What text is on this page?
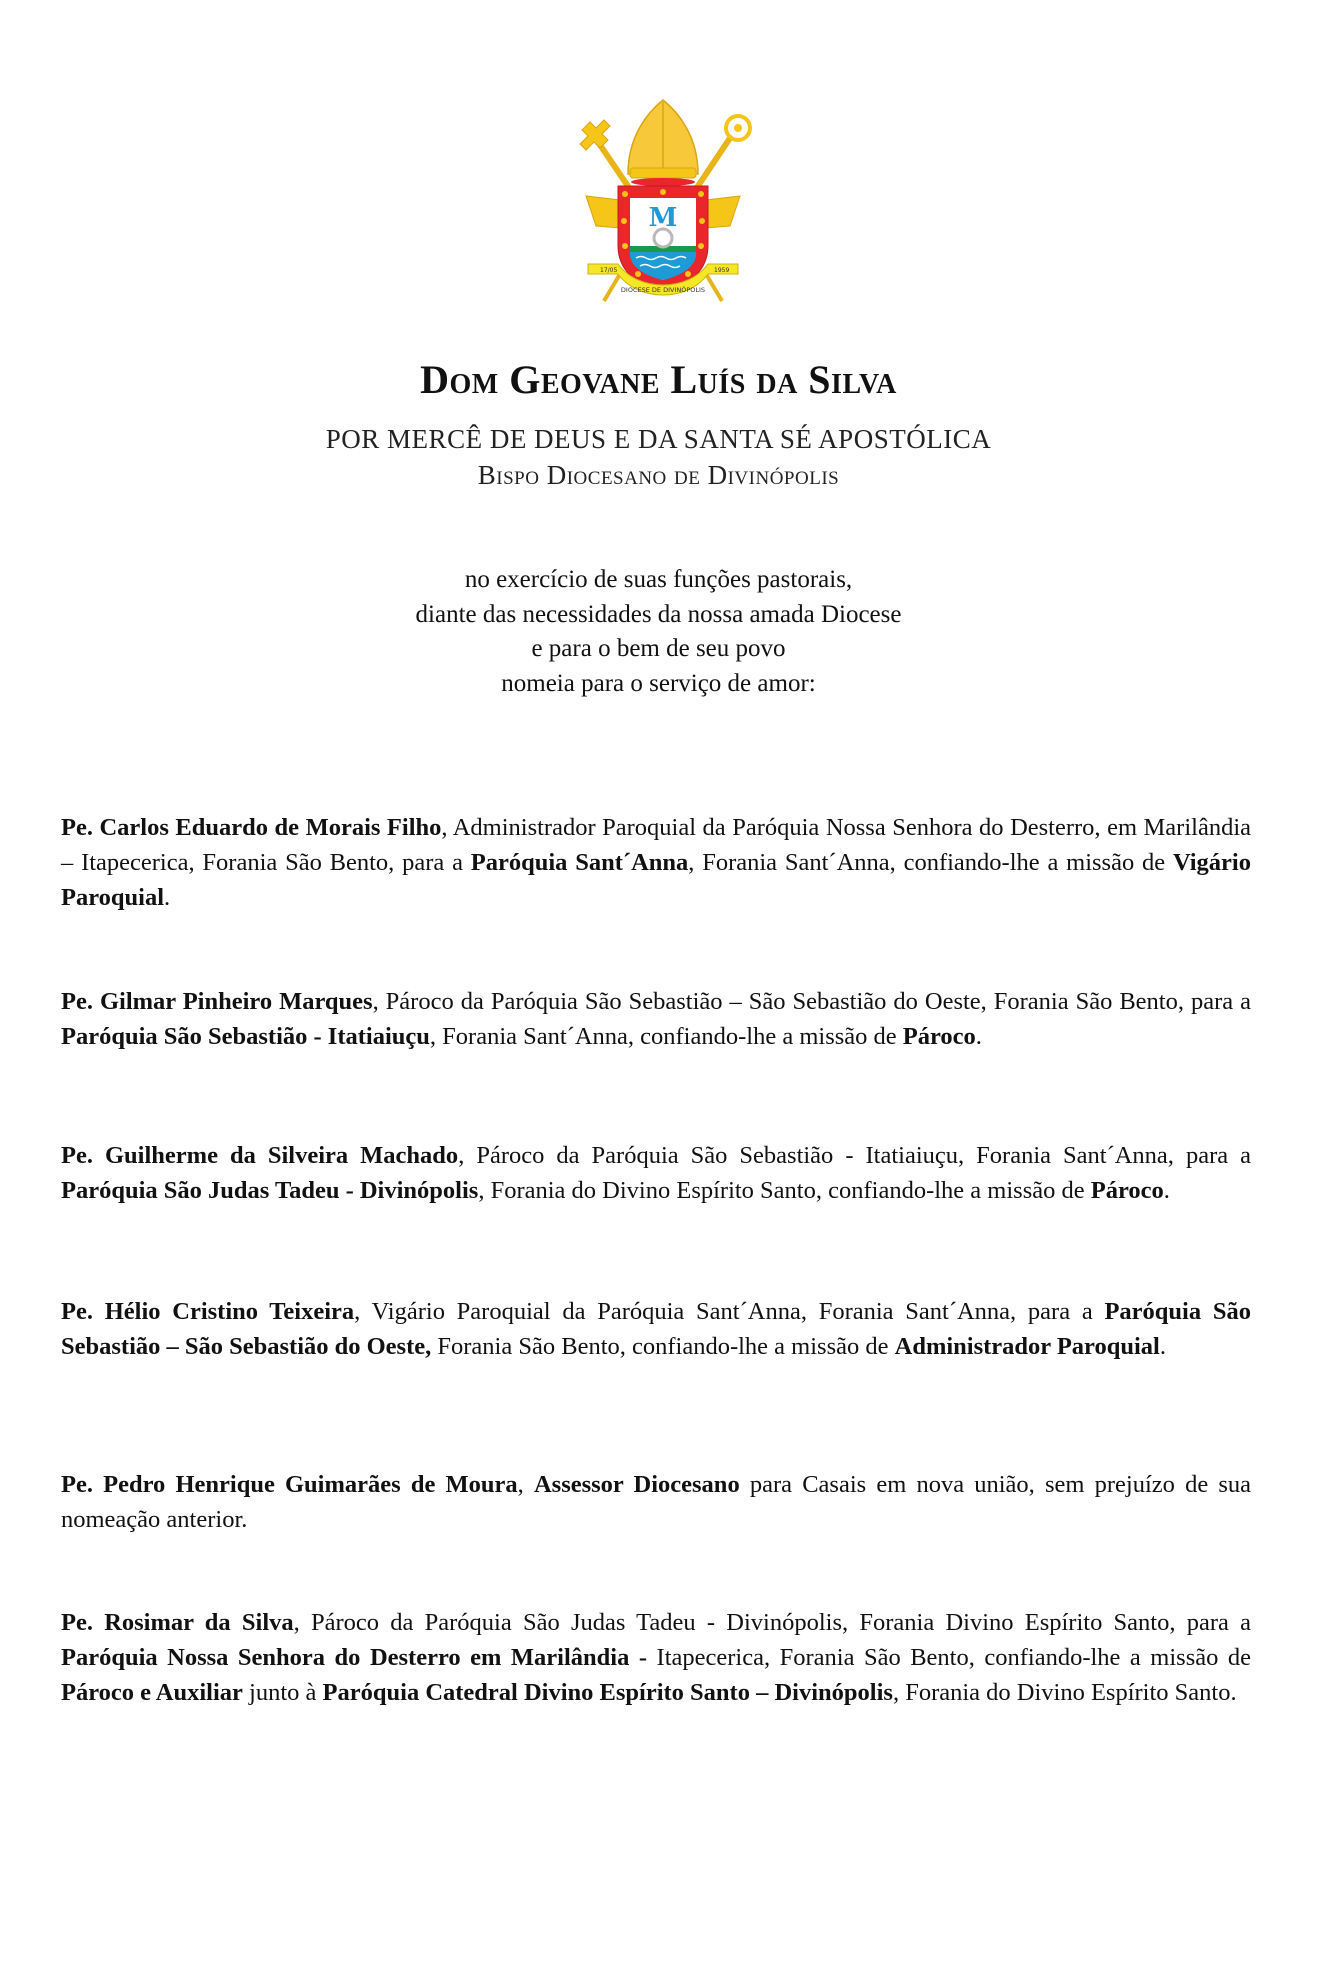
M
17/05	1959
DIOCESE DE DIVINÓPOLIS
Dom Geovane Luís da Silva
POR MERCÊ DE DEUS E DA SANTA SÉ APOSTÓLICA
Bispo Diocesano de Divinópolis
no exercício de suas funções pastorais,
diante das necessidades da nossa amada Diocese
e para o bem de seu povo
nomeia para o serviço de amor:
Pe. Carlos Eduardo de Morais Filho, Administrador Paroquial da Paróquia Nossa Senhora do Desterro, em Marilândia – Itapecerica, Forania São Bento, para a Paróquia Sant´Anna, Forania Sant´Anna, confiando-lhe a missão de Vigário Paroquial.
Pe. Gilmar Pinheiro Marques, Pároco da Paróquia São Sebastião – São Sebastião do Oeste, Forania São Bento, para a Paróquia São Sebastião - Itatiaiuçu, Forania Sant´Anna, confiando-lhe a missão de Pároco.
Pe. Guilherme da Silveira Machado, Pároco da Paróquia São Sebastião - Itatiaiuçu, Forania Sant´Anna, para a Paróquia São Judas Tadeu - Divinópolis, Forania do Divino Espírito Santo, confiando-lhe a missão de Pároco.
Pe. Hélio Cristino Teixeira, Vigário Paroquial da Paróquia Sant´Anna, Forania Sant´Anna, para a Paróquia São Sebastião – São Sebastião do Oeste, Forania São Bento, confiando-lhe a missão de Administrador Paroquial.
Pe. Pedro Henrique Guimarães de Moura, Assessor Diocesano para Casais em nova união, sem prejuízo de sua nomeação anterior.
Pe. Rosimar da Silva, Pároco da Paróquia São Judas Tadeu - Divinópolis, Forania Divino Espírito Santo, para a Paróquia Nossa Senhora do Desterro em Marilândia - Itapecerica, Forania São Bento, confiando-lhe a missão de Pároco e Auxiliar junto à Paróquia Catedral Divino Espírito Santo – Divinópolis, Forania do Divino Espírito Santo.
